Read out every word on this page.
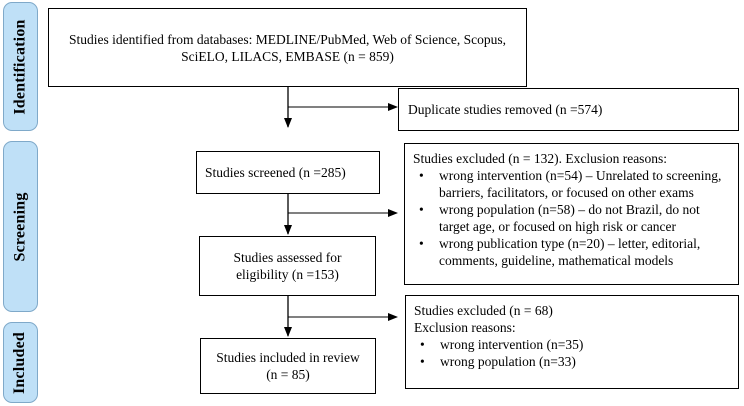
Identification
Screening
Included
Studies identified from databases: MEDLINE/PubMed, Web of Science, Scopus,
SciELO, LILACS, EMBASE (n = 859)
Duplicate studies removed (n =574)
Studies screened (n =285)
Studies excluded (n = 132). Exclusion reasons:
• wrong intervention (n=54) – Unrelated to screening, barriers, facilitators, or focused on other exams
• wrong population (n=58) – do not Brazil, do not target age, or focused on high risk or cancer
• wrong publication type (n=20) – letter, editorial, comments, guideline, mathematical models
Studies assessed for eligibility (n =153)
Studies excluded (n = 68)
Exclusion reasons:
• wrong intervention (n=35)
• wrong population (n=33)
Studies included in review (n = 85)
